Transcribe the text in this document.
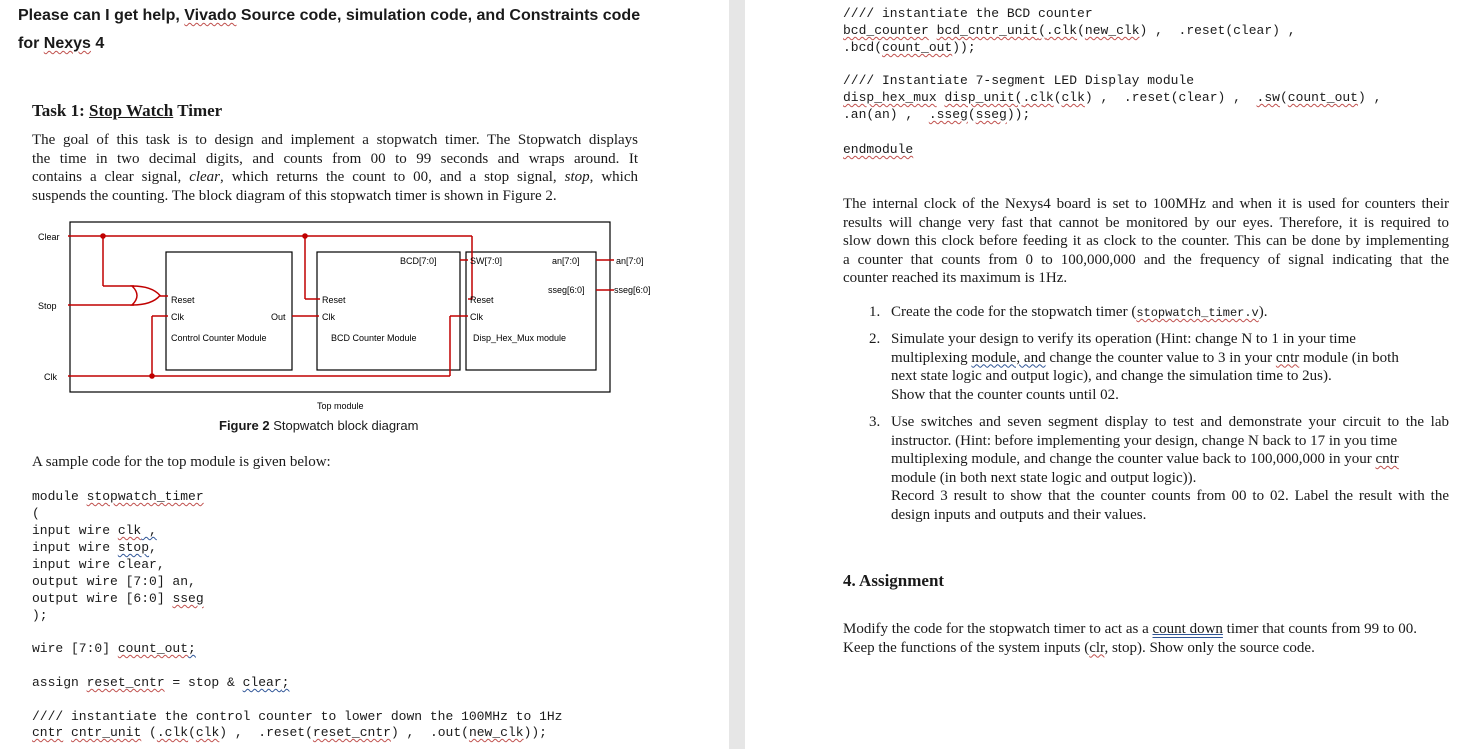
Please can I get help, Vivado Source code, simulation code, and Constraints code
for Nexys 4
Task 1: Stop Watch Timer
The goal of this task is to design and implement a stopwatch timer. The Stopwatch displays
the time in two decimal digits, and counts from 00 to 99 seconds and wraps around. It
contains a clear signal, clear, which returns the count to 00, and a stop signal, stop, which
suspends the counting. The block diagram of this stopwatch timer is shown in Figure 2.
Clear
Stop
Clk
Reset
Clk	Out
Control Counter Module
Reset
Clk
BCD[7:0]
BCD Counter Module
SW[7:0]	an[7:0]
sseg[6:0]
Reset
Clk
Disp_Hex_Mux module
an[7:0]
sseg[6:0]
Top module
Figure 2 Stopwatch block diagram
A sample code for the top module is given below:
module stopwatch_timer
(
input wire clk ,
input wire stop,
input wire clear,
output wire [7:0] an,
output wire [6:0] sseg
);
wire [7:0] count_out;
assign reset_cntr = stop & clear;
//// instantiate the control counter to lower down the 100MHz to 1Hz
cntr cntr_unit (.clk(clk) ,  .reset(reset_cntr) ,  .out(new_clk));
//// instantiate the BCD counter
bcd_counter bcd_cntr_unit(.clk(new_clk) ,  .reset(clear) ,
.bcd(count_out));
//// Instantiate 7-segment LED Display module
disp_hex_mux disp_unit(.clk(clk) ,  .reset(clear) ,  .sw(count_out) ,
.an(an) ,  .sseg(sseg));
endmodule
The internal clock of the Nexys4 board is set to 100MHz and when it is used for counters their
results will change very fast that cannot be monitored by our eyes. Therefore, it is required to
slow down this clock before feeding it as clock to the counter. This can be done by implementing
a counter that counts from 0 to 100,000,000 and the frequency of signal indicating that the
counter reached its maximum is 1Hz.
1. Create the code for the stopwatch timer (stopwatch_timer.v).
2. Simulate your design to verify its operation (Hint: change N to 1 in your time
multiplexing module, and change the counter value to 3 in your cntr module (in both
next state logic and output logic), and change the simulation time to 2us).
Show that the counter counts until 02.
3. Use switches and seven segment display to test and demonstrate your circuit to the lab
instructor. (Hint: before implementing your design, change N back to 17 in you time
multiplexing module, and change the counter value back to 100,000,000 in your cntr
module (in both next state logic and output logic)).
Record 3 result to show that the counter counts from 00 to 02. Label the result with the
design inputs and outputs and their values.
4. Assignment
Modify the code for the stopwatch timer to act as a count down timer that counts from 99 to 00.
Keep the functions of the system inputs (clr, stop). Show only the source code.
